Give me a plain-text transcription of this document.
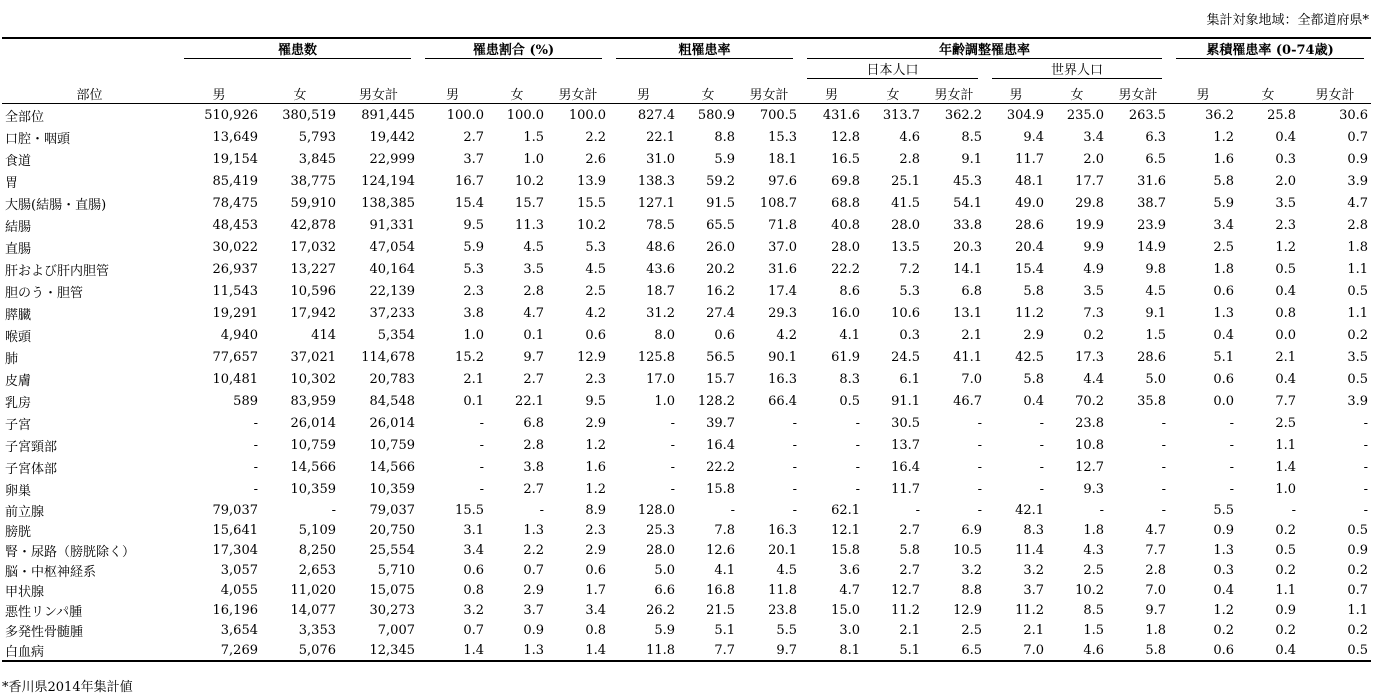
集計対象地域：全都道府県*

	罹患数			罹患割合 (%)			粗罹患率			年齢調整罹患率						累積罹患率 (0-74歳)		

										日本人口			世界人口					

部位	男	女	男女計	男	女	男女計	男	女	男女計	男	女	男女計	男	女	男女計	男	女	男女計
全部位	510,926	380,519	891,445	100.0	100.0	100.0	827.4	580.9	700.5	431.6	313.7	362.2	304.9	235.0	263.5	36.2	25.8	30.6
口腔・咽頭	13,649	5,793	19,442	2.7	1.5	2.2	22.1	8.8	15.3	12.8	4.6	8.5	9.4	3.4	6.3	1.2	0.4	0.7
食道	19,154	3,845	22,999	3.7	1.0	2.6	31.0	5.9	18.1	16.5	2.8	9.1	11.7	2.0	6.5	1.6	0.3	0.9
胃	85,419	38,775	124,194	16.7	10.2	13.9	138.3	59.2	97.6	69.8	25.1	45.3	48.1	17.7	31.6	5.8	2.0	3.9
大腸(結腸・直腸)	78,475	59,910	138,385	15.4	15.7	15.5	127.1	91.5	108.7	68.8	41.5	54.1	49.0	29.8	38.7	5.9	3.5	4.7
結腸	48,453	42,878	91,331	9.5	11.3	10.2	78.5	65.5	71.8	40.8	28.0	33.8	28.6	19.9	23.9	3.4	2.3	2.8
直腸	30,022	17,032	47,054	5.9	4.5	5.3	48.6	26.0	37.0	28.0	13.5	20.3	20.4	9.9	14.9	2.5	1.2	1.8
肝および肝内胆管	26,937	13,227	40,164	5.3	3.5	4.5	43.6	20.2	31.6	22.2	7.2	14.1	15.4	4.9	9.8	1.8	0.5	1.1
胆のう・胆管	11,543	10,596	22,139	2.3	2.8	2.5	18.7	16.2	17.4	8.6	5.3	6.8	5.8	3.5	4.5	0.6	0.4	0.5
膵臓	19,291	17,942	37,233	3.8	4.7	4.2	31.2	27.4	29.3	16.0	10.6	13.1	11.2	7.3	9.1	1.3	0.8	1.1
喉頭	4,940	414	5,354	1.0	0.1	0.6	8.0	0.6	4.2	4.1	0.3	2.1	2.9	0.2	1.5	0.4	0.0	0.2
肺	77,657	37,021	114,678	15.2	9.7	12.9	125.8	56.5	90.1	61.9	24.5	41.1	42.5	17.3	28.6	5.1	2.1	3.5
皮膚	10,481	10,302	20,783	2.1	2.7	2.3	17.0	15.7	16.3	8.3	6.1	7.0	5.8	4.4	5.0	0.6	0.4	0.5
乳房	589	83,959	84,548	0.1	22.1	9.5	1.0	128.2	66.4	0.5	91.1	46.7	0.4	70.2	35.8	0.0	7.7	3.9
子宮	-	26,014	26,014	-	6.8	2.9	-	39.7	-	-	30.5	-	-	23.8	-	-	2.5	-
子宮頸部	-	10,759	10,759	-	2.8	1.2	-	16.4	-	-	13.7	-	-	10.8	-	-	1.1	-
子宮体部	-	14,566	14,566	-	3.8	1.6	-	22.2	-	-	16.4	-	-	12.7	-	-	1.4	-
卵巣	-	10,359	10,359	-	2.7	1.2	-	15.8	-	-	11.7	-	-	9.3	-	-	1.0	-
前立腺	79,037	-	79,037	15.5	-	8.9	128.0	-	-	62.1	-	-	42.1	-	-	5.5	-	-
膀胱	15,641	5,109	20,750	3.1	1.3	2.3	25.3	7.8	16.3	12.1	2.7	6.9	8.3	1.8	4.7	0.9	0.2	0.5
腎・尿路（膀胱除く）	17,304	8,250	25,554	3.4	2.2	2.9	28.0	12.6	20.1	15.8	5.8	10.5	11.4	4.3	7.7	1.3	0.5	0.9
脳・中枢神経系	3,057	2,653	5,710	0.6	0.7	0.6	5.0	4.1	4.5	3.6	2.7	3.2	3.2	2.5	2.8	0.3	0.2	0.2
甲状腺	4,055	11,020	15,075	0.8	2.9	1.7	6.6	16.8	11.8	4.7	12.7	8.8	3.7	10.2	7.0	0.4	1.1	0.7
悪性リンパ腫	16,196	14,077	30,273	3.2	3.7	3.4	26.2	21.5	23.8	15.0	11.2	12.9	11.2	8.5	9.7	1.2	0.9	1.1
多発性骨髄腫	3,654	3,353	7,007	0.7	0.9	0.8	5.9	5.1	5.5	3.0	2.1	2.5	2.1	1.5	1.8	0.2	0.2	0.2
白血病	7,269	5,076	12,345	1.4	1.3	1.4	11.8	7.7	9.7	8.1	5.1	6.5	7.0	4.6	5.8	0.6	0.4	0.5
*香川県2014年集計値
